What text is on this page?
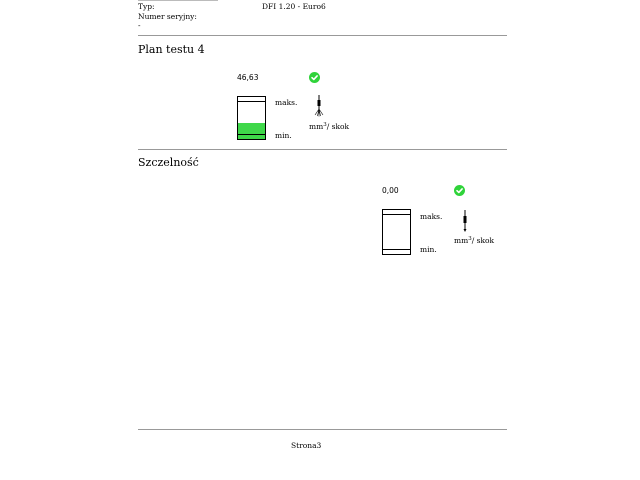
Typ:	DFI 1.20 - Euro6
Numer seryjny:
-
Plan testu 4
46,63
maks.
min.
$mm^3/$ skok
Szczelność
0,00
maks.
min.
$mm^3/$ skok
Strona3
